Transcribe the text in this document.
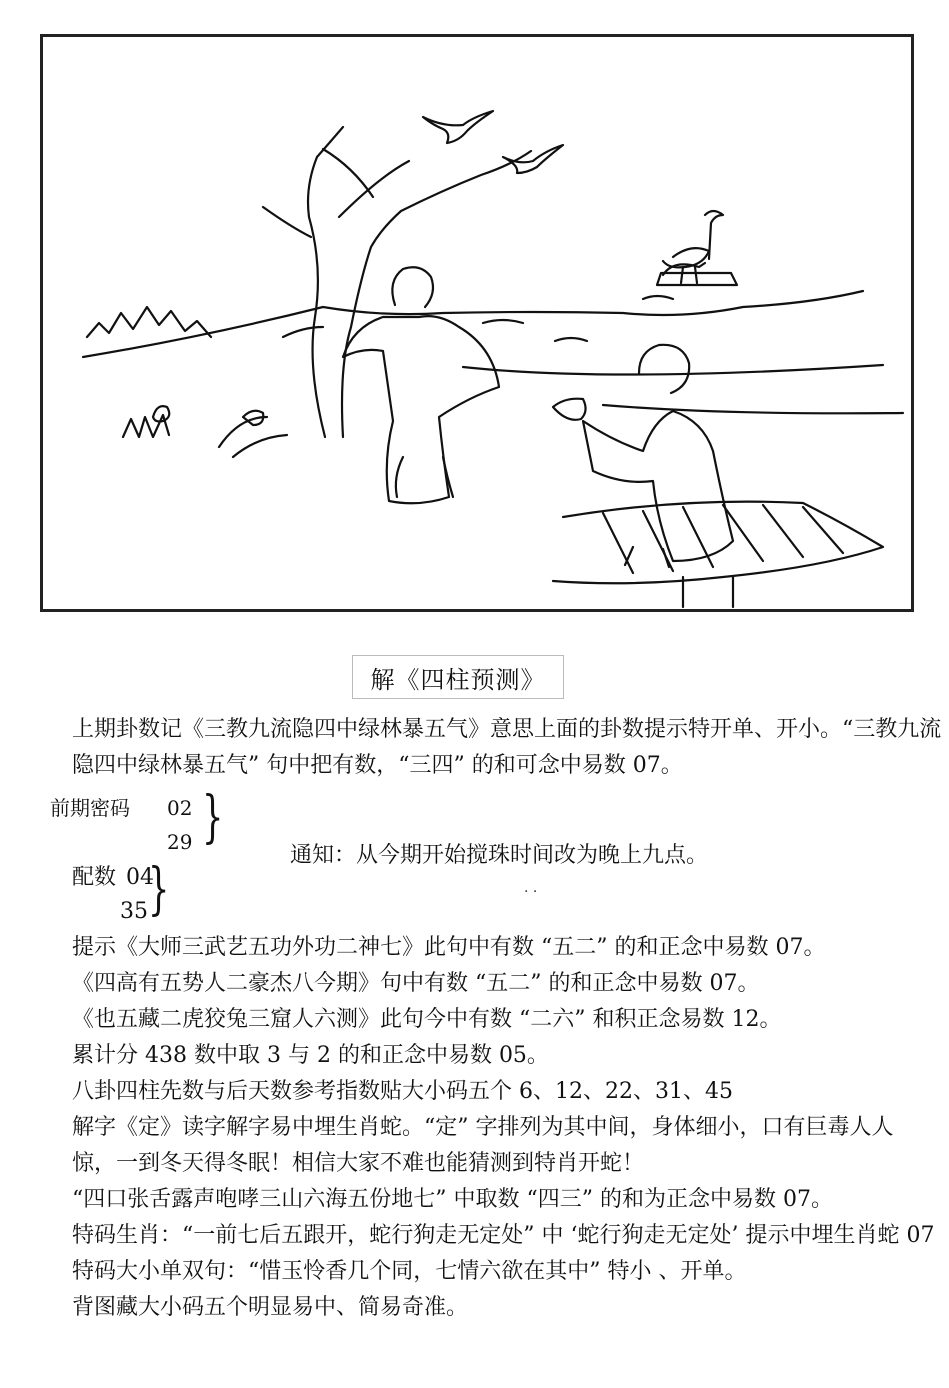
解《四柱预测》
上期卦数记《三教九流隐四中绿林暴五气》意思上面的卦数提示特开单、开小。“三教九流
隐四中绿林暴五气” 句中把有数，“三四” 的和可念中易数 07。
前期密码 02
29 }
通知：从今期开始搅珠时间改为晚上九点。
配数 04
35 }	· ·
提示《大师三武艺五功外功二神七》此句中有数 “五二” 的和正念中易数 07。
《四高有五势人二豪杰八今期》句中有数 “五二” 的和正念中易数 07。
《也五藏二虎狡兔三窟人六测》此句今中有数 “二六” 和积正念易数 12。
累计分 438 数中取 3 与 2 的和正念中易数 05。
八卦四柱先数与后天数参考指数贴大小码五个 6、12、22、31、45
解字《定》读字解字易中埋生肖蛇。“定” 字排列为其中间，身体细小，口有巨毒人人
惊，一到冬天得冬眠！相信大家不难也能猜测到特肖开蛇！
“四口张舌露声咆哮三山六海五份地七” 中取数 “四三” 的和为正念中易数 07。
特码生肖：“一前七后五跟开，蛇行狗走无定处” 中 ‘蛇行狗走无定处’ 提示中埋生肖蛇 07
特码大小单双句：“惜玉怜香几个同，七情六欲在其中” 特小 、开单。
背图藏大小码五个明显易中、简易奇准。
